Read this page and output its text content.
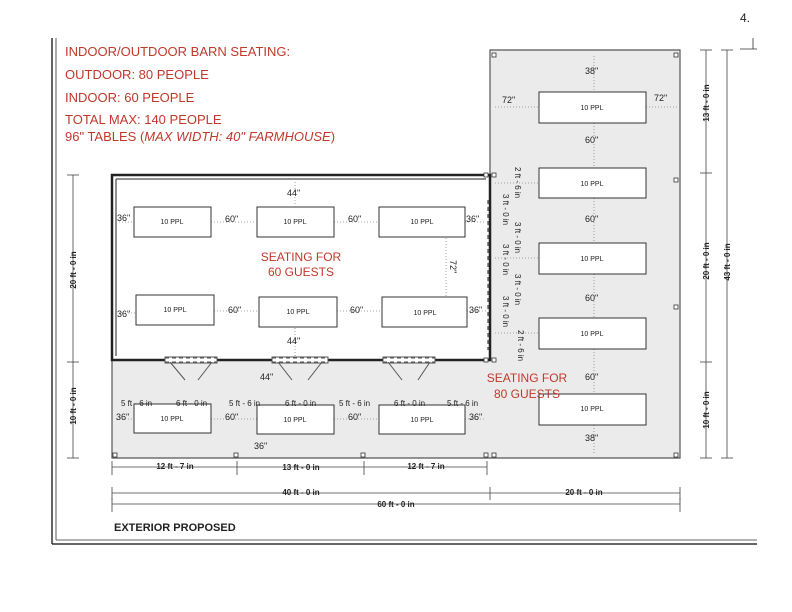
4.
10 PPL	10 PPL	10 PPL
10 PPL	10 PPL	10 PPL
10 PPL	10 PPL	10 PPL
10 PPL
10 PPL
10 PPL
10 PPL
10 PPL
36"	60"	60"	36"
44"
36"	60"	60"	36"
44"
44"
36"	60"	60"	36"
36"
72"	72"
38"
60"
60"
60"
60"
38"
72"
5 ft - 6 in	6 ft - 0 in	5 ft - 6 in	6 ft - 0 in	5 ft - 6 in	6 ft - 0 in	5 ft - 6 in
2 ft - 6 in
3 ft - 0 in
3 ft - 0 in
3 ft - 0 in
3 ft - 0 in
3 ft - 0 in
2 ft - 6 in
SEATING FOR
60 GUESTS
SEATING FOR
80 GUESTS
12 ft - 7 in	13 ft - 0 in	12 ft - 7 in
40 ft - 0 in	20 ft - 0 in
60 ft - 0 in
20 ft - 0 in
10 ft - 0 in
13 ft - 0 in
20 ft - 0 in
10 ft - 0 in
43 ft - 0 in
EXTERIOR PROPOSED
INDOOR/OUTDOOR BARN SEATING:
OUTDOOR: 80 PEOPLE
INDOOR: 60 PEOPLE
TOTAL MAX: 140 PEOPLE
96" TABLES (MAX WIDTH: 40" FARMHOUSE)
